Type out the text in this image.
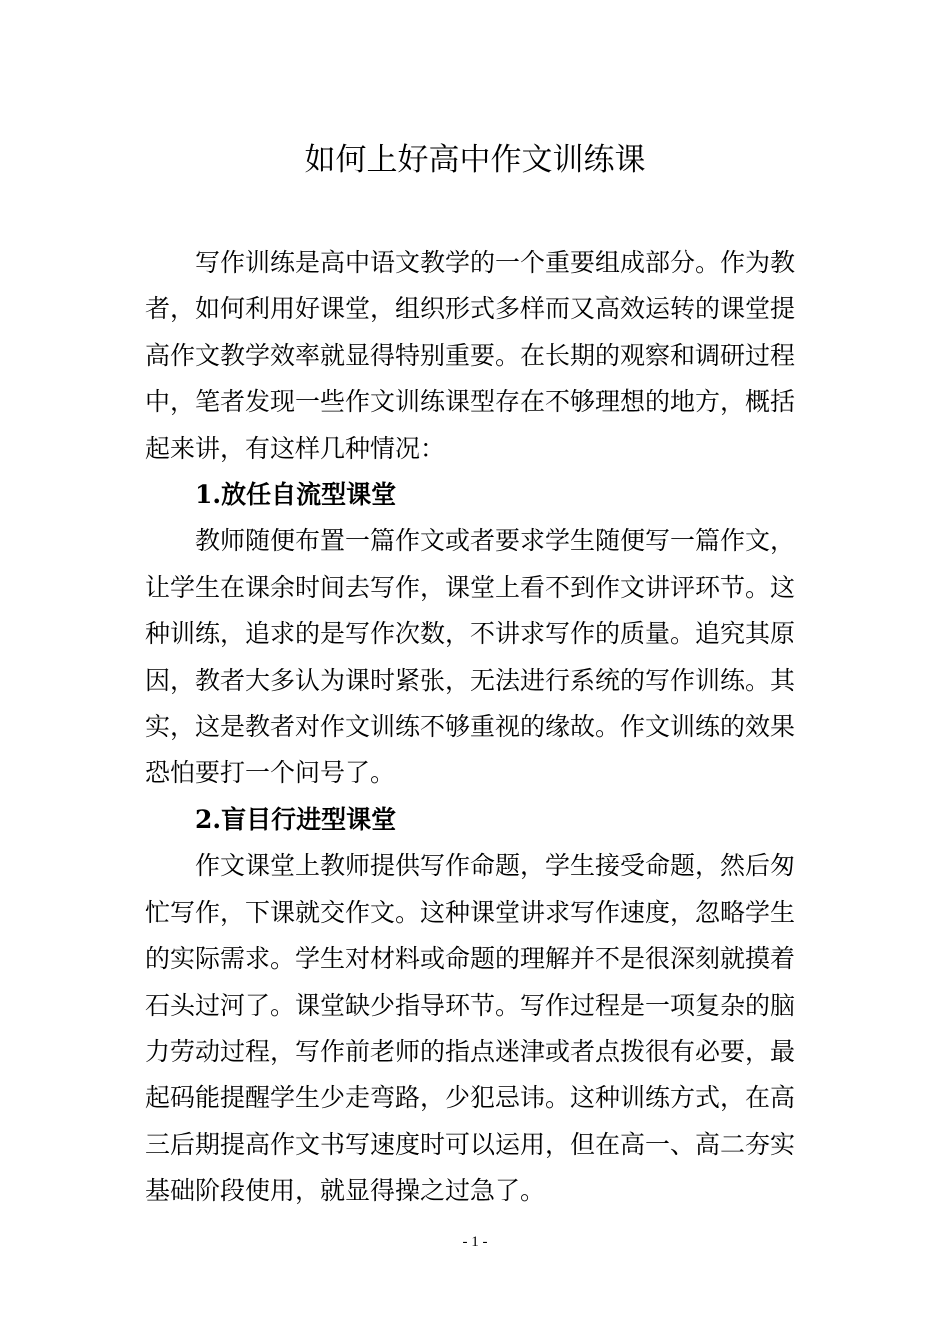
如何上好高中作文训练课
写作训练是高中语文教学的一个重要组成部分。作为教
者，如何利用好课堂，组织形式多样而又高效运转的课堂提
高作文教学效率就显得特别重要。在长期的观察和调研过程
中，笔者发现一些作文训练课型存在不够理想的地方，概括
起来讲，有这样几种情况：
1.放任自流型课堂
教师随便布置一篇作文或者要求学生随便写一篇作文，
让学生在课余时间去写作，课堂上看不到作文讲评环节。这
种训练，追求的是写作次数，不讲求写作的质量。追究其原
因，教者大多认为课时紧张，无法进行系统的写作训练。其
实，这是教者对作文训练不够重视的缘故。作文训练的效果
恐怕要打一个问号了。
2.盲目行进型课堂
作文课堂上教师提供写作命题，学生接受命题，然后匆
忙写作，下课就交作文。这种课堂讲求写作速度，忽略学生
的实际需求。学生对材料或命题的理解并不是很深刻就摸着
石头过河了。课堂缺少指导环节。写作过程是一项复杂的脑
力劳动过程，写作前老师的指点迷津或者点拨很有必要，最
起码能提醒学生少走弯路，少犯忌讳。这种训练方式，在高
三后期提高作文书写速度时可以运用，但在高一、高二夯实
基础阶段使用，就显得操之过急了。
- 1 -
